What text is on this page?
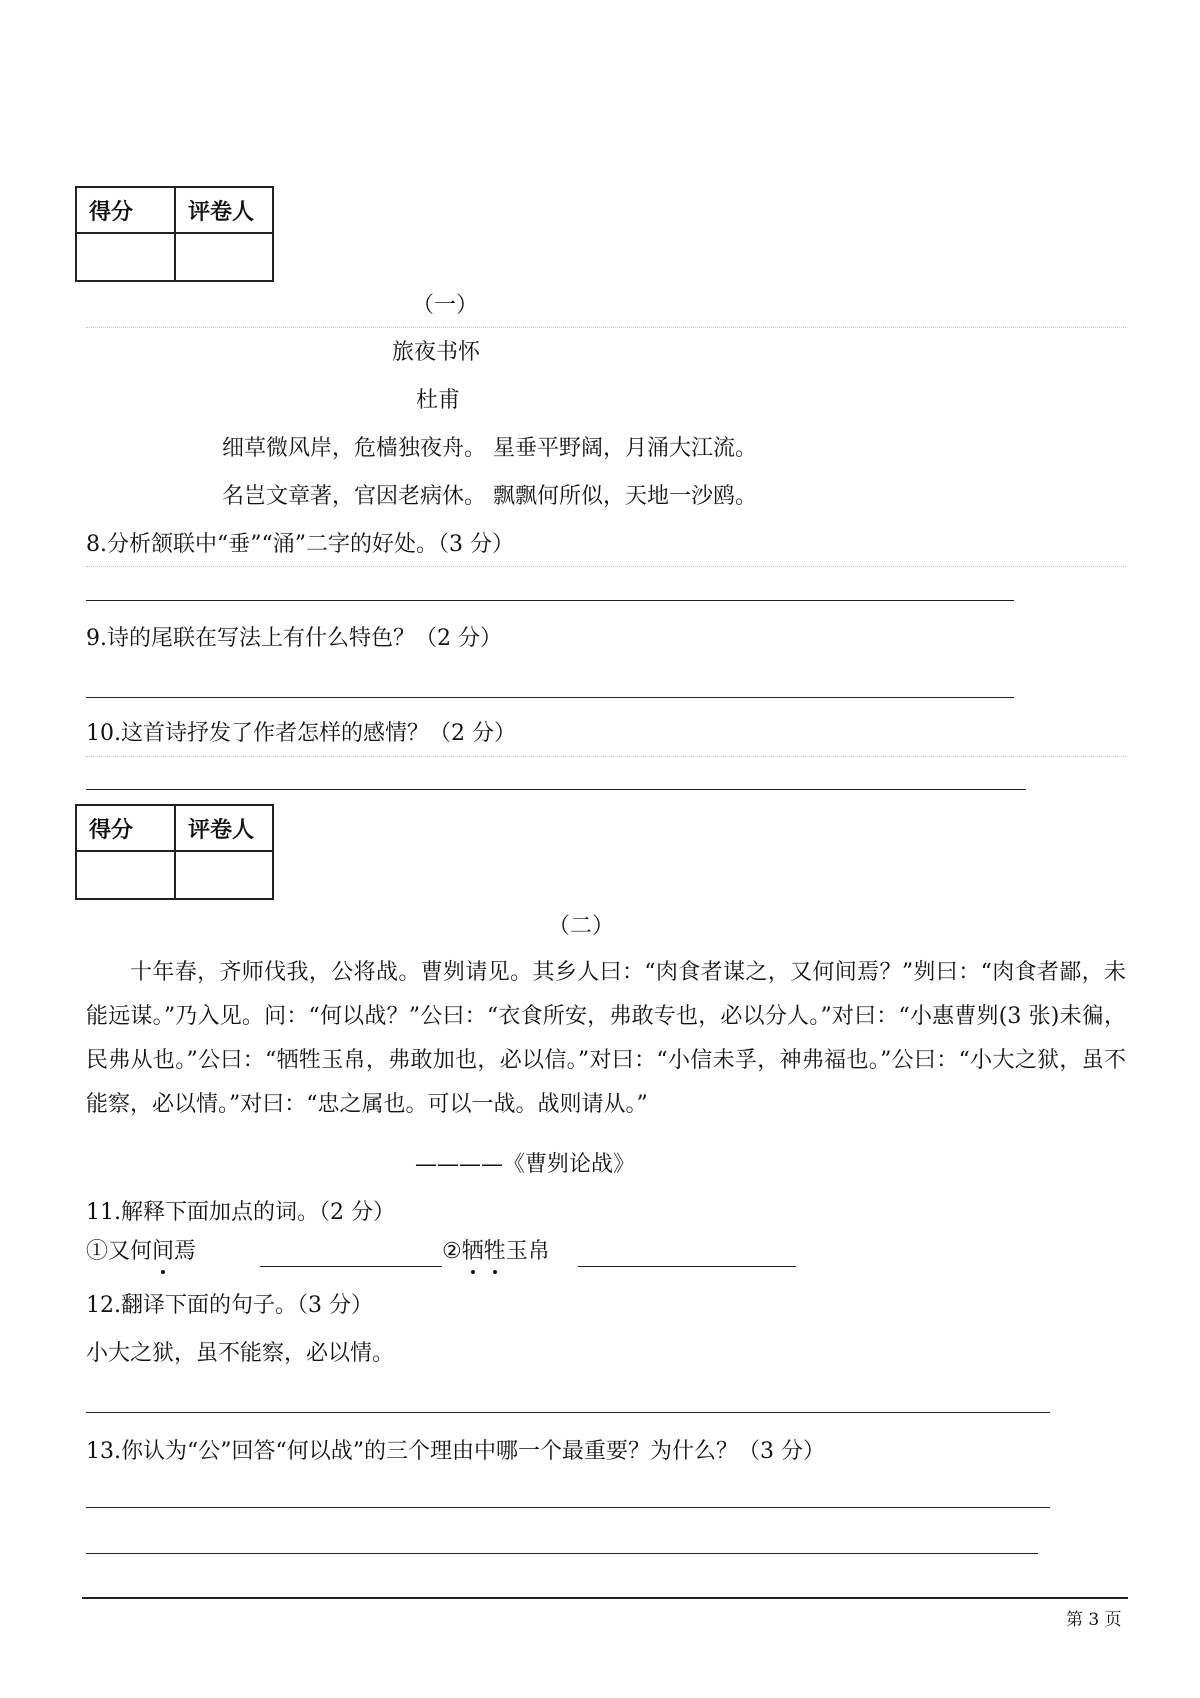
得分	评卷人

（一）
旅夜书怀
杜甫
细草微风岸，危樯独夜舟。 星垂平野阔，月涌大江流。
名岂文章著，官因老病休。 飘飘何所似，天地一沙鸥。
8.分析颔联中“垂”“涌”二字的好处。（3 分）
9.诗的尾联在写法上有什么特色？（2 分）
10.这首诗抒发了作者怎样的感情？（2 分）
得分	评卷人

（二）
十年春，齐师伐我，公将战。曹刿请见。其乡人曰：“肉食者谋之，又何间焉？”刿曰：“肉食者鄙，未能远谋。”乃入见。问：“何以战？”公曰：“衣食所安，弗敢专也，必以分人。”对曰：“小惠曹刿(3 张)未徧，民弗从也。”公曰：“牺牲玉帛，弗敢加也，必以信。”对曰：“小信未孚，神弗福也。”公曰：“小大之狱，虽不能察，必以情。”对曰：“忠之属也。可以一战。战则请从。”
————《曹刿论战》
11.解释下面加点的词。（2 分）
①又何间焉	②牺牲玉帛
12.翻译下面的句子。（3 分）
小大之狱，虽不能察，必以情。
13.你认为“公”回答“何以战”的三个理由中哪一个最重要？为什么？（3 分）
第 3 页
